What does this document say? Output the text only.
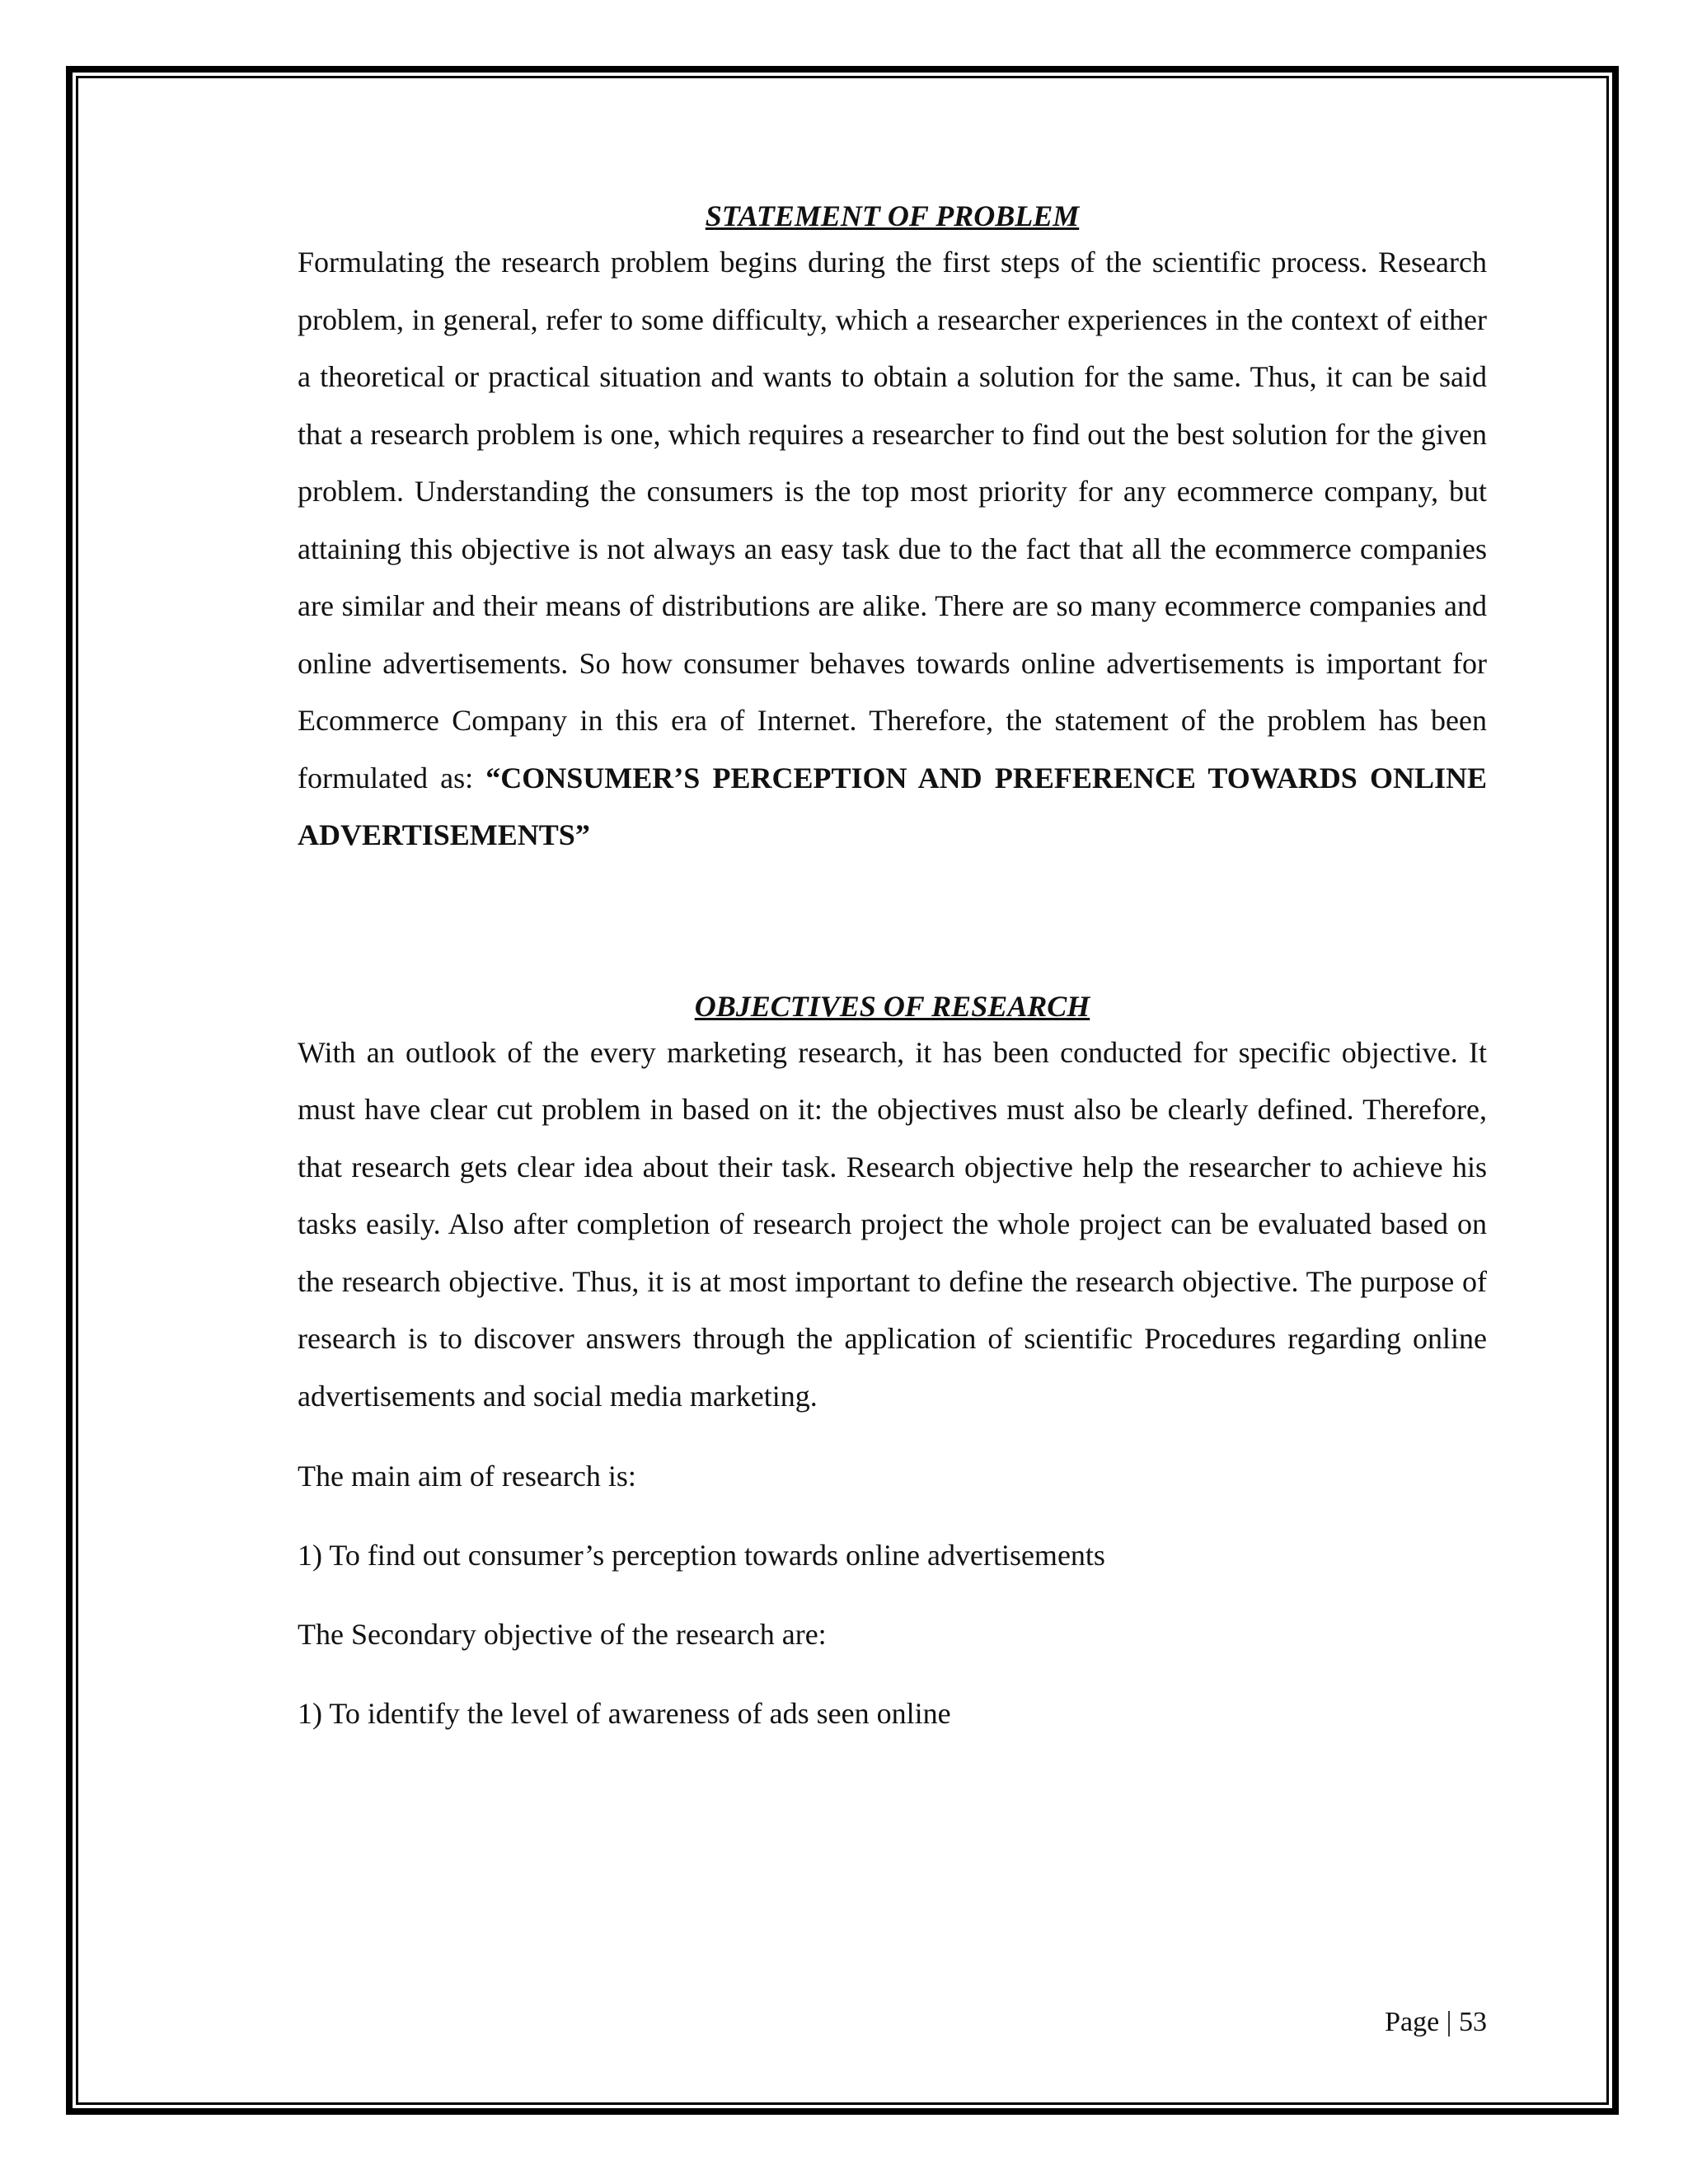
STATEMENT OF PROBLEM

Formulating the research problem begins during the first steps of the scientific process. Research problem, in general, refer to some difficulty, which a researcher experiences in the context of either a theoretical or practical situation and wants to obtain a solution for the same. Thus, it can be said that a research problem is one, which requires a researcher to find out the best solution for the given problem. Understanding the consumers is the top most priority for any ecommerce company, but attaining this objective is not always an easy task due to the fact that all the ecommerce companies are similar and their means of distributions are alike. There are so many ecommerce companies and online advertisements. So how consumer behaves towards online advertisements is important for Ecommerce Company in this era of Internet. Therefore, the statement of the problem has been formulated as: “CONSUMER’S PERCEPTION AND PREFERENCE TOWARDS ONLINE ADVERTISEMENTS”

OBJECTIVES OF RESEARCH

With an outlook of the every marketing research, it has been conducted for specific objective. It must have clear cut problem in based on it: the objectives must also be clearly defined. Therefore, that research gets clear idea about their task. Research objective help the researcher to achieve his tasks easily. Also after completion of research project the whole project can be evaluated based on the research objective. Thus, it is at most important to define the research objective. The purpose of research is to discover answers through the application of scientific Procedures regarding online advertisements and social media marketing.

The main aim of research is:

1) To find out consumer’s perception towards online advertisements

The Secondary objective of the research are:

1) To identify the level of awareness of ads seen online

Page | 53
